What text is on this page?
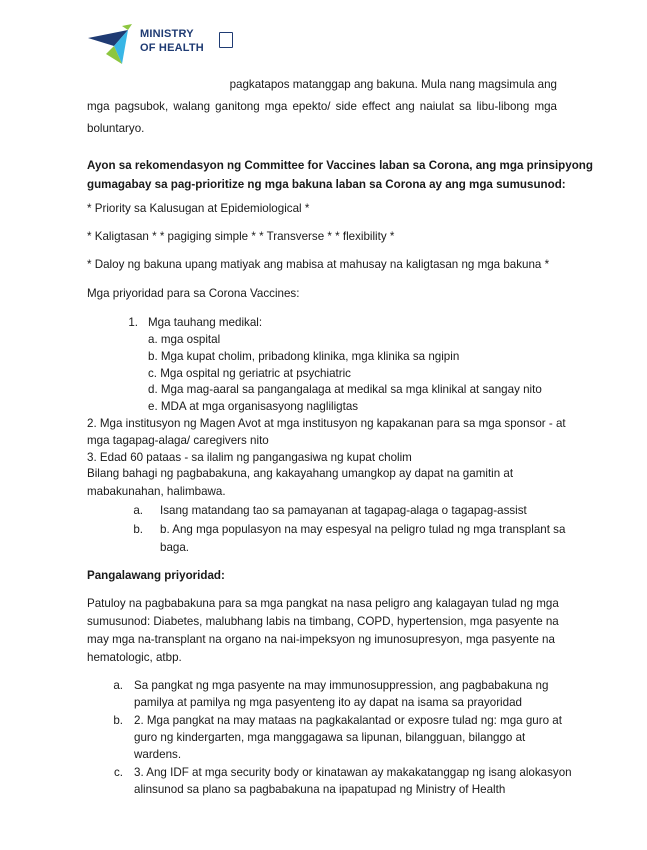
MINISTRY
OF HEALTH

pagkatapos matanggap ang bakuna. Mula nang magsimula ang

mga pagsubok, walang ganitong mga epekto/ side effect ang naiulat sa libu-libong mga

boluntaryo.

Ayon sa rekomendasyon ng Committee for Vaccines laban sa Corona, ang mga prinsipyong

gumagabay sa pag-prioritize ng mga bakuna laban sa Corona ay ang mga sumusunod:

* Priority sa Kalusugan at Epidemiological *

* Kaligtasan * * pagiging simple * * Transverse * * flexibility *

* Daloy ng bakuna upang matiyak ang mabisa at mahusay na kaligtasan ng mga bakuna *

Mga priyoridad para sa Corona Vaccines:

1. Mga tauhang medikal:
a. mga ospital
b. Mga kupat cholim, pribadong klinika, mga klinika sa ngipin
c. Mga ospital ng geriatric at psychiatric
d. Mga mag-aaral sa pangangalaga at medikal sa mga klinikal at sangay nito
e. MDA at mga organisasyong nagliligtas
2. Mga institusyon ng Magen Avot at mga institusyon ng kapakanan para sa mga sponsor - at
mga tagapag-alaga/ caregivers nito
3. Edad 60 pataas - sa ilalim ng pangangasiwa ng kupat cholim
Bilang bahagi ng pagbabakuna, ang kakayahang umangkop ay dapat na gamitin at
mabakunahan, halimbawa.
a. Isang matandang tao sa pamayanan at tagapag-alaga o tagapag-assist
b. b. Ang mga populasyon na may espesyal na peligro tulad ng mga transplant sa
baga.

Pangalawang priyoridad:

Patuloy na pagbabakuna para sa mga pangkat na nasa peligro ang kalagayan tulad ng mga

sumusunod: Diabetes, malubhang labis na timbang, COPD, hypertension, mga pasyente na

may mga na-transplant na organo na nai-impeksyon ng imunosupresyon, mga pasyente na

hematologic, atbp.

a. Sa pangkat ng mga pasyente na may immunosuppression, ang pagbabakuna ng
pamilya at pamilya ng mga pasyenteng ito ay dapat na isama sa prayoridad
b. 2. Mga pangkat na may mataas na pagkakalantad or exposre tulad ng: mga guro at
guro ng kindergarten, mga manggagawa sa lipunan, bilangguan, bilanggo at
wardens.
c. 3. Ang IDF at mga security body or kinatawan ay makakatanggap ng isang alokasyon
alinsunod sa plano sa pagbabakuna na ipapatupad ng Ministry of Health
